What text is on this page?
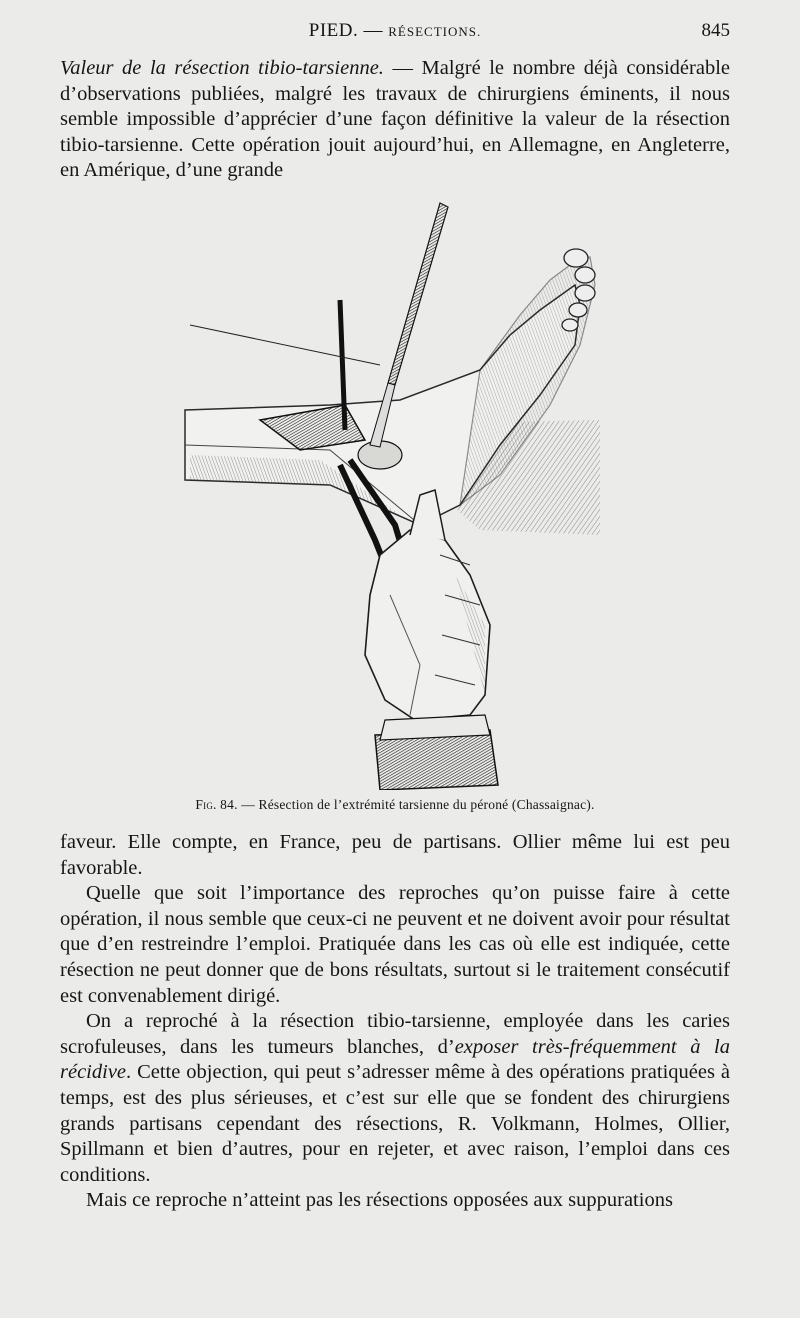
PIED. — RÉSECTIONS.	845

Valeur de la résection tibio-tarsienne. — Malgré le nombre déjà considérable d’observations publiées, malgré les travaux de chirurgiens éminents, il nous semble impossible d’apprécier d’une façon définitive la valeur de la résection tibio-tarsienne. Cette opération jouit aujourd’hui, en Allemagne, en Angleterre, en Amérique, d’une grande

Fig. 84. — Résection de l’extrémité tarsienne du péroné (Chassaignac).

faveur. Elle compte, en France, peu de partisans. Ollier même lui est peu favorable.

Quelle que soit l’importance des reproches qu’on puisse faire à cette opération, il nous semble que ceux-ci ne peuvent et ne doivent avoir pour résultat que d’en restreindre l’emploi. Pratiquée dans les cas où elle est indiquée, cette résection ne peut donner que de bons résultats, surtout si le traitement consécutif est convenablement dirigé.

On a reproché à la résection tibio-tarsienne, employée dans les caries scrofuleuses, dans les tumeurs blanches, d’exposer très-fréquemment à la récidive. Cette objection, qui peut s’adresser même à des opérations pratiquées à temps, est des plus sérieuses, et c’est sur elle que se fondent des chirurgiens grands partisans cependant des résections, R. Volkmann, Holmes, Ollier, Spillmann et bien d’autres, pour en rejeter, et avec raison, l’emploi dans ces conditions.

Mais ce reproche n’atteint pas les résections opposées aux suppurations
